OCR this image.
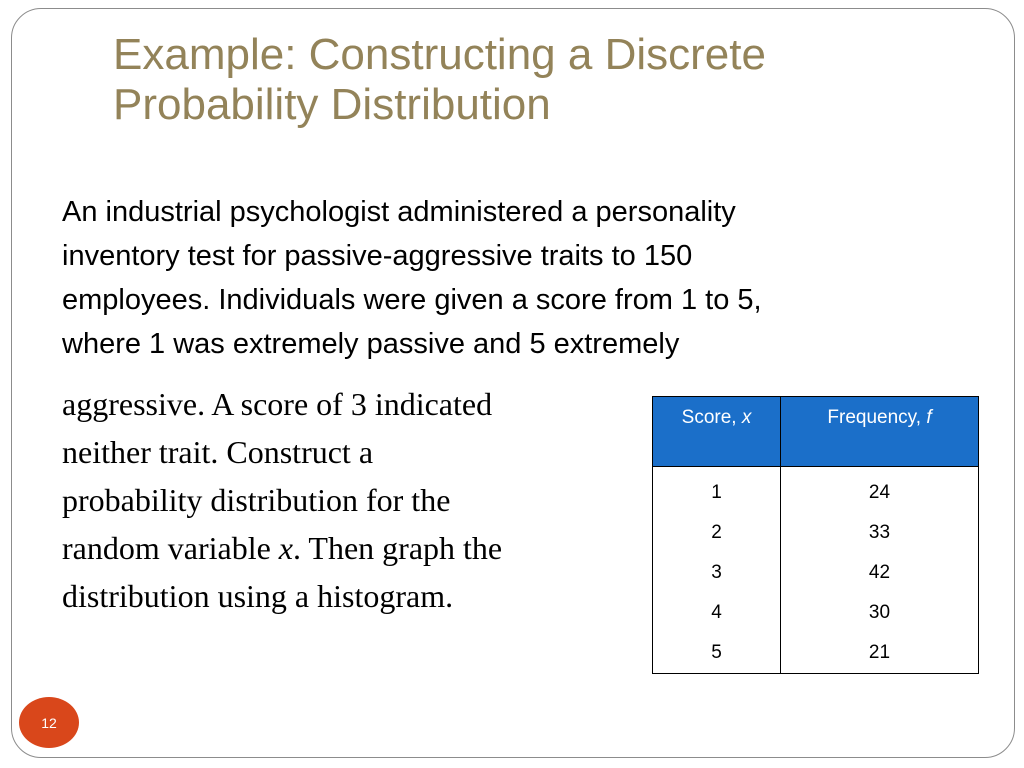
Example: Constructing a Discrete
Probability Distribution

An industrial psychologist administered a personality
inventory test for passive-aggressive traits to 150
employees. Individuals were given a score from 1 to 5,
where 1 was extremely passive and 5 extremely

aggressive. A score of 3 indicated
neither trait. Construct a
probability distribution for the
random variable x. Then graph the
distribution using a histogram.

Score, x	Frequency, f
1	24
2	33
3	42
4	30
5	21
12
